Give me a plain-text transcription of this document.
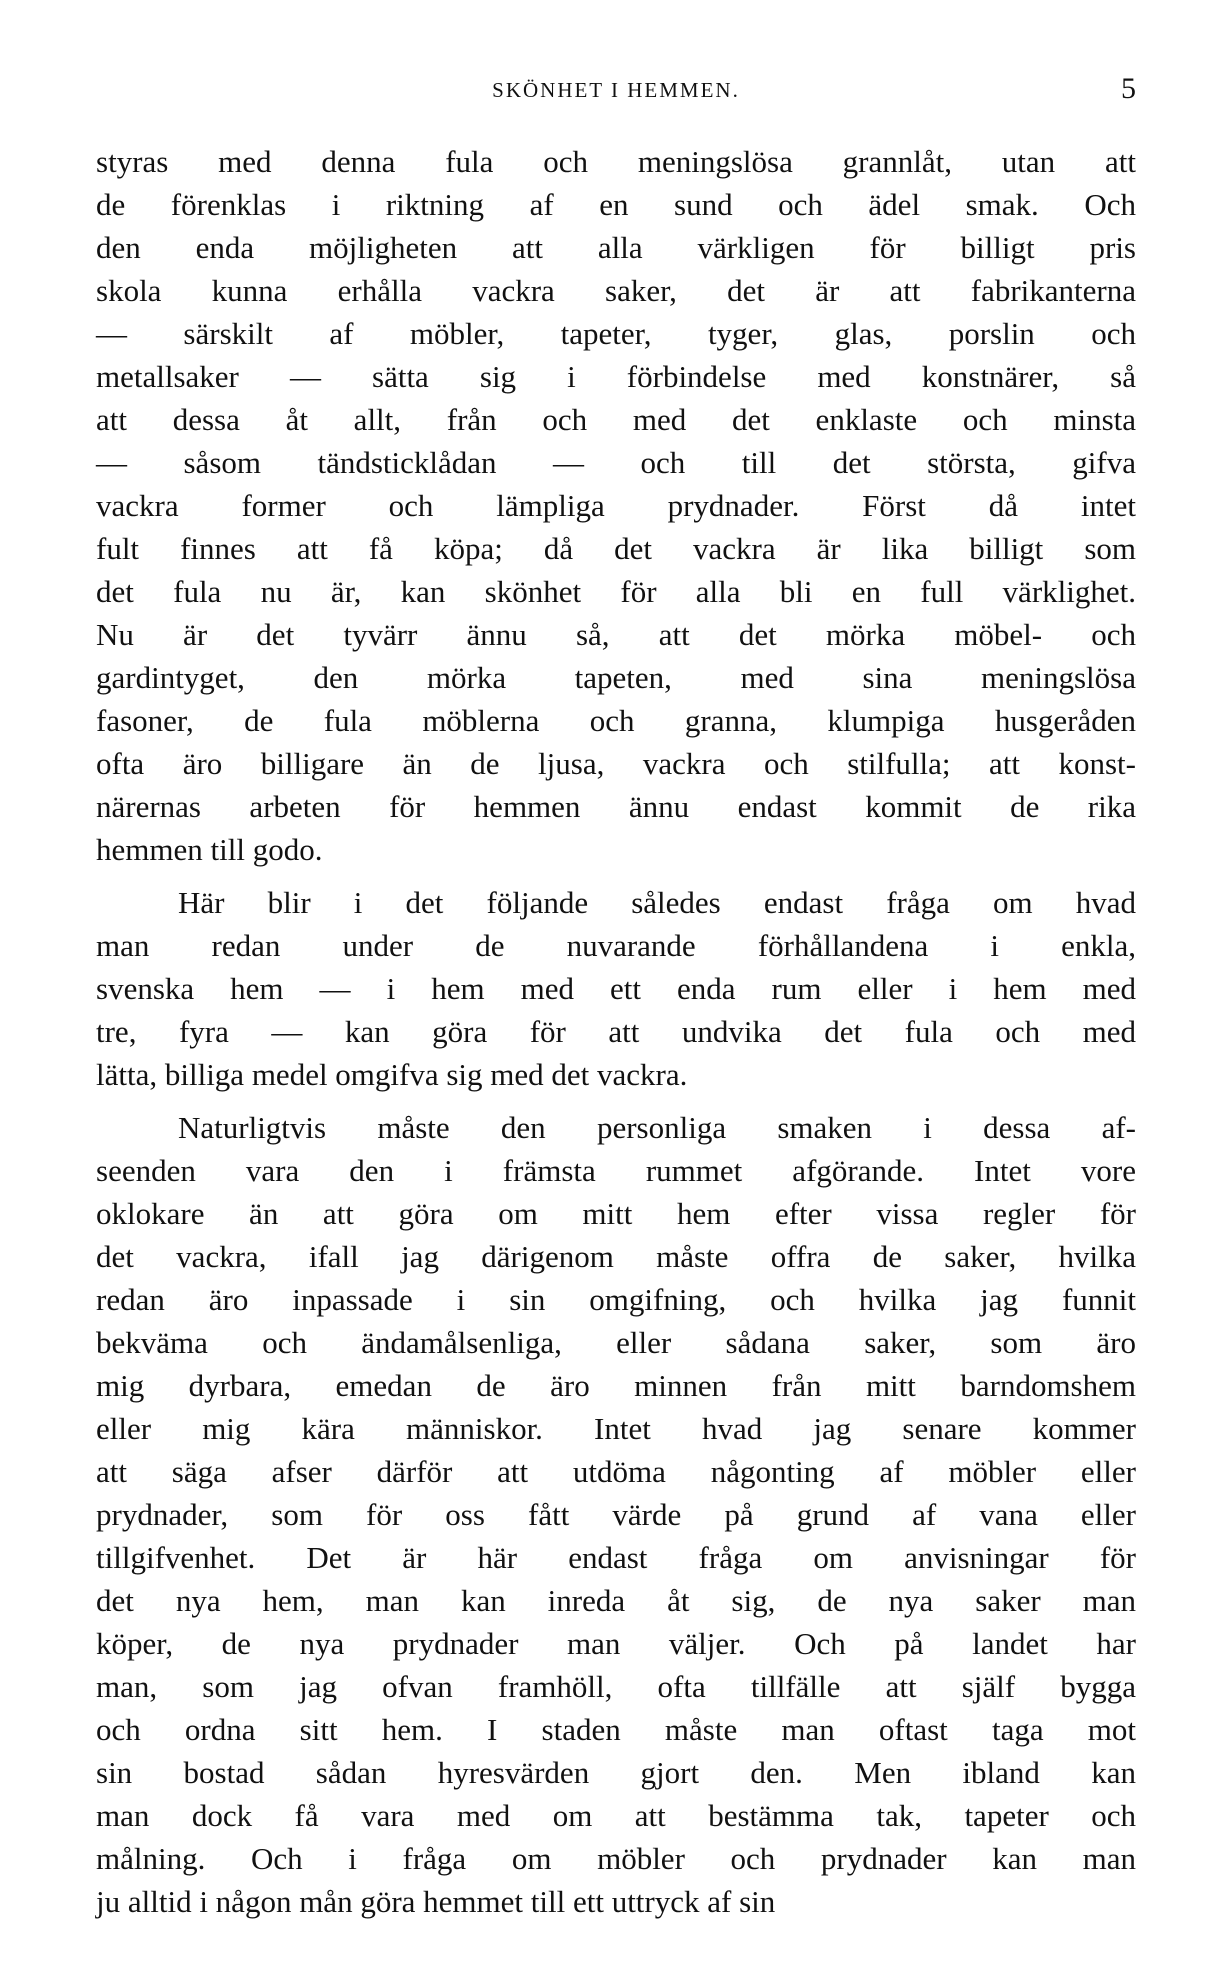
SKÖNHET I HEMMEN.	5
styras med denna fula och meningslösa grannlåt, utan att
de förenklas i riktning af en sund och ädel smak. Och
den enda möjligheten att alla värkligen för billigt pris
skola kunna erhålla vackra saker, det är att fabrikanterna
— särskilt af möbler, tapeter, tyger, glas, porslin och
metallsaker — sätta sig i förbindelse med konstnärer, så
att dessa åt allt, från och med det enklaste och minsta
— såsom tändsticklådan — och till det största, gifva
vackra former och lämpliga prydnader. Först då intet
fult finnes att få köpa; då det vackra är lika billigt som
det fula nu är, kan skönhet för alla bli en full värklighet.
Nu är det tyvärr ännu så, att det mörka möbel- och
gardintyget, den mörka tapeten, med sina meningslösa
fasoner, de fula möblerna och granna, klumpiga husgeråden
ofta äro billigare än de ljusa, vackra och stilfulla; att konst-
närernas arbeten för hemmen ännu endast kommit de rika
hemmen till godo.
Här blir i det följande således endast fråga om hvad
man redan under de nuvarande förhållandena i enkla,
svenska hem — i hem med ett enda rum eller i hem med
tre, fyra — kan göra för att undvika det fula och med
lätta, billiga medel omgifva sig med det vackra.
Naturligtvis måste den personliga smaken i dessa af-
seenden vara den i främsta rummet afgörande. Intet vore
oklokare än att göra om mitt hem efter vissa regler för
det vackra, ifall jag därigenom måste offra de saker, hvilka
redan äro inpassade i sin omgifning, och hvilka jag funnit
bekväma och ändamålsenliga, eller sådana saker, som äro
mig dyrbara, emedan de äro minnen från mitt barndomshem
eller mig kära människor. Intet hvad jag senare kommer
att säga afser därför att utdöma någonting af möbler eller
prydnader, som för oss fått värde på grund af vana eller
tillgifvenhet. Det är här endast fråga om anvisningar för
det nya hem, man kan inreda åt sig, de nya saker man
köper, de nya prydnader man väljer. Och på landet har
man, som jag ofvan framhöll, ofta tillfälle att själf bygga
och ordna sitt hem. I staden måste man oftast taga mot
sin bostad sådan hyresvärden gjort den. Men ibland kan
man dock få vara med om att bestämma tak, tapeter och
målning. Och i fråga om möbler och prydnader kan man
ju alltid i någon mån göra hemmet till ett uttryck af sin
